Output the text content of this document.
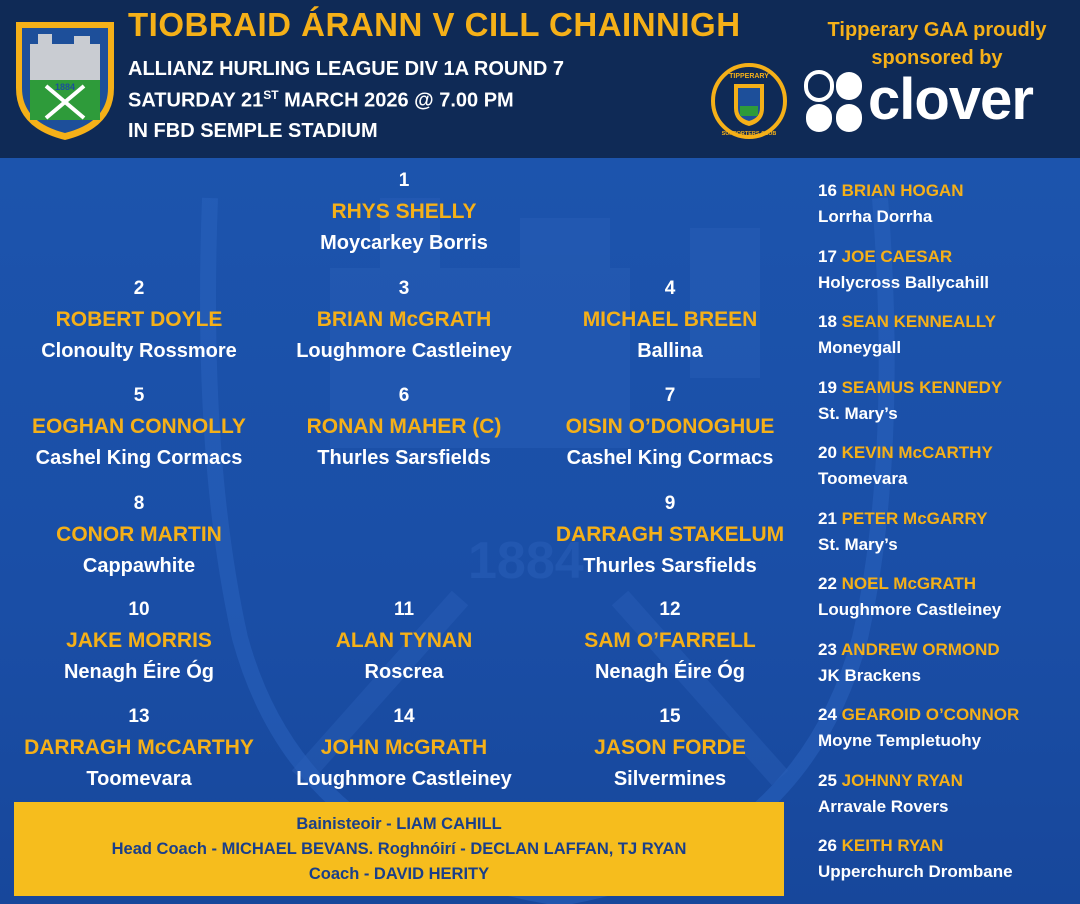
1884
1884
TIOBRAID ÁRANN V CILL CHAINNIGH
ALLIANZ HURLING LEAGUE DIV 1A ROUND 7
SATURDAY 21ST MARCH 2026 @ 7.00 PM
IN FBD SEMPLE STADIUM
TIPPERARY
SUPPORTERS CLUB
Tipperary GAA proudly
sponsored by
clover
1
RHYS SHELLY
Moycarkey Borris
2
ROBERT DOYLE
Clonoulty Rossmore
3
BRIAN McGRATH
Loughmore Castleiney
4
MICHAEL BREEN
Ballina
5
EOGHAN CONNOLLY
Cashel King Cormacs
6
RONAN MAHER (C)
Thurles Sarsfields
7
OISIN O’DONOGHUE
Cashel King Cormacs
8
CONOR MARTIN
Cappawhite
9
DARRAGH STAKELUM
Thurles Sarsfields
10
JAKE MORRIS
Nenagh Éire Óg
11
ALAN TYNAN
Roscrea
12
SAM O’FARRELL
Nenagh Éire Óg
13
DARRAGH McCARTHY
Toomevara
14
JOHN McGRATH
Loughmore Castleiney
15
JASON FORDE
Silvermines
16 BRIAN HOGAN
Lorrha Dorrha
17 JOE CAESAR
Holycross Ballycahill
18 SEAN KENNEALLY
Moneygall
19 SEAMUS KENNEDY
St. Mary’s
20 KEVIN McCARTHY
Toomevara
21 PETER McGARRY
St. Mary’s
22 NOEL McGRATH
Loughmore Castleiney
23 ANDREW ORMOND
JK Brackens
24 GEAROID O’CONNOR
Moyne Templetuohy
25 JOHNNY RYAN
Arravale Rovers
26 KEITH RYAN
Upperchurch Drombane
Bainisteoir - LIAM CAHILL
Head Coach - MICHAEL BEVANS. Roghnóirí - DECLAN LAFFAN, TJ RYAN
Coach - DAVID HERITY
